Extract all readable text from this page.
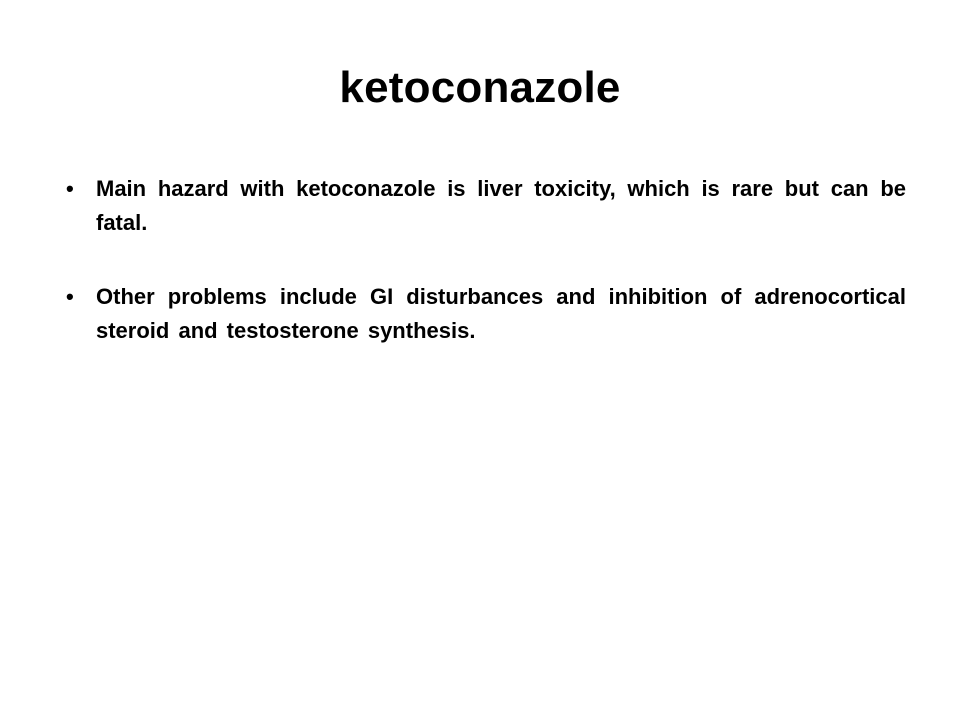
ketoconazole
•	Main hazard with ketoconazole is liver toxicity, which is rare but can be fatal.
•	Other problems include GI disturbances and inhibition of adrenocortical steroid and testosterone synthesis.
